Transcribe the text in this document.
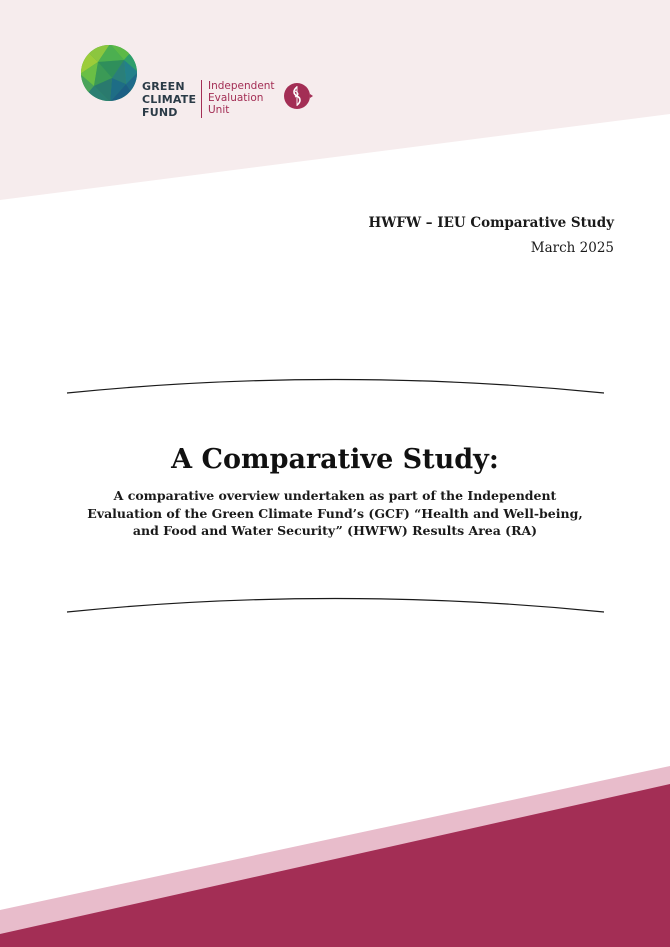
GREEN
CLIMATE
FUND
Independent
Evaluation
Unit
HWFW – IEU Comparative Study
March 2025
A Comparative Study:
A comparative overview undertaken as part of the Independent Evaluation of the Green Climate Fund’s (GCF) “Health and Well-being, and Food and Water Security” (HWFW) Results Area (RA)
